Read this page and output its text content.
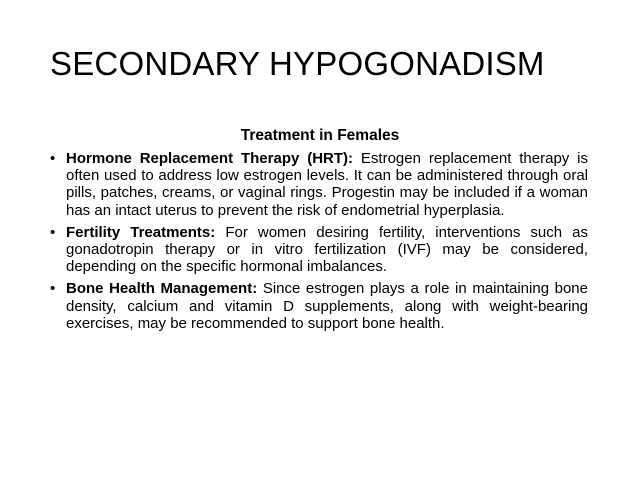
SECONDARY HYPOGONADISM
Treatment in Females
• Hormone Replacement Therapy (HRT): Estrogen replacement therapy is often used to address low estrogen levels. It can be administered through oral pills, patches, creams, or vaginal rings. Progestin may be included if a woman has an intact uterus to prevent the risk of endometrial hyperplasia.
• Fertility Treatments: For women desiring fertility, interventions such as gonadotropin therapy or in vitro fertilization (IVF) may be considered, depending on the specific hormonal imbalances.
• Bone Health Management: Since estrogen plays a role in maintaining bone density, calcium and vitamin D supplements, along with weight-bearing exercises, may be recommended to support bone health.
